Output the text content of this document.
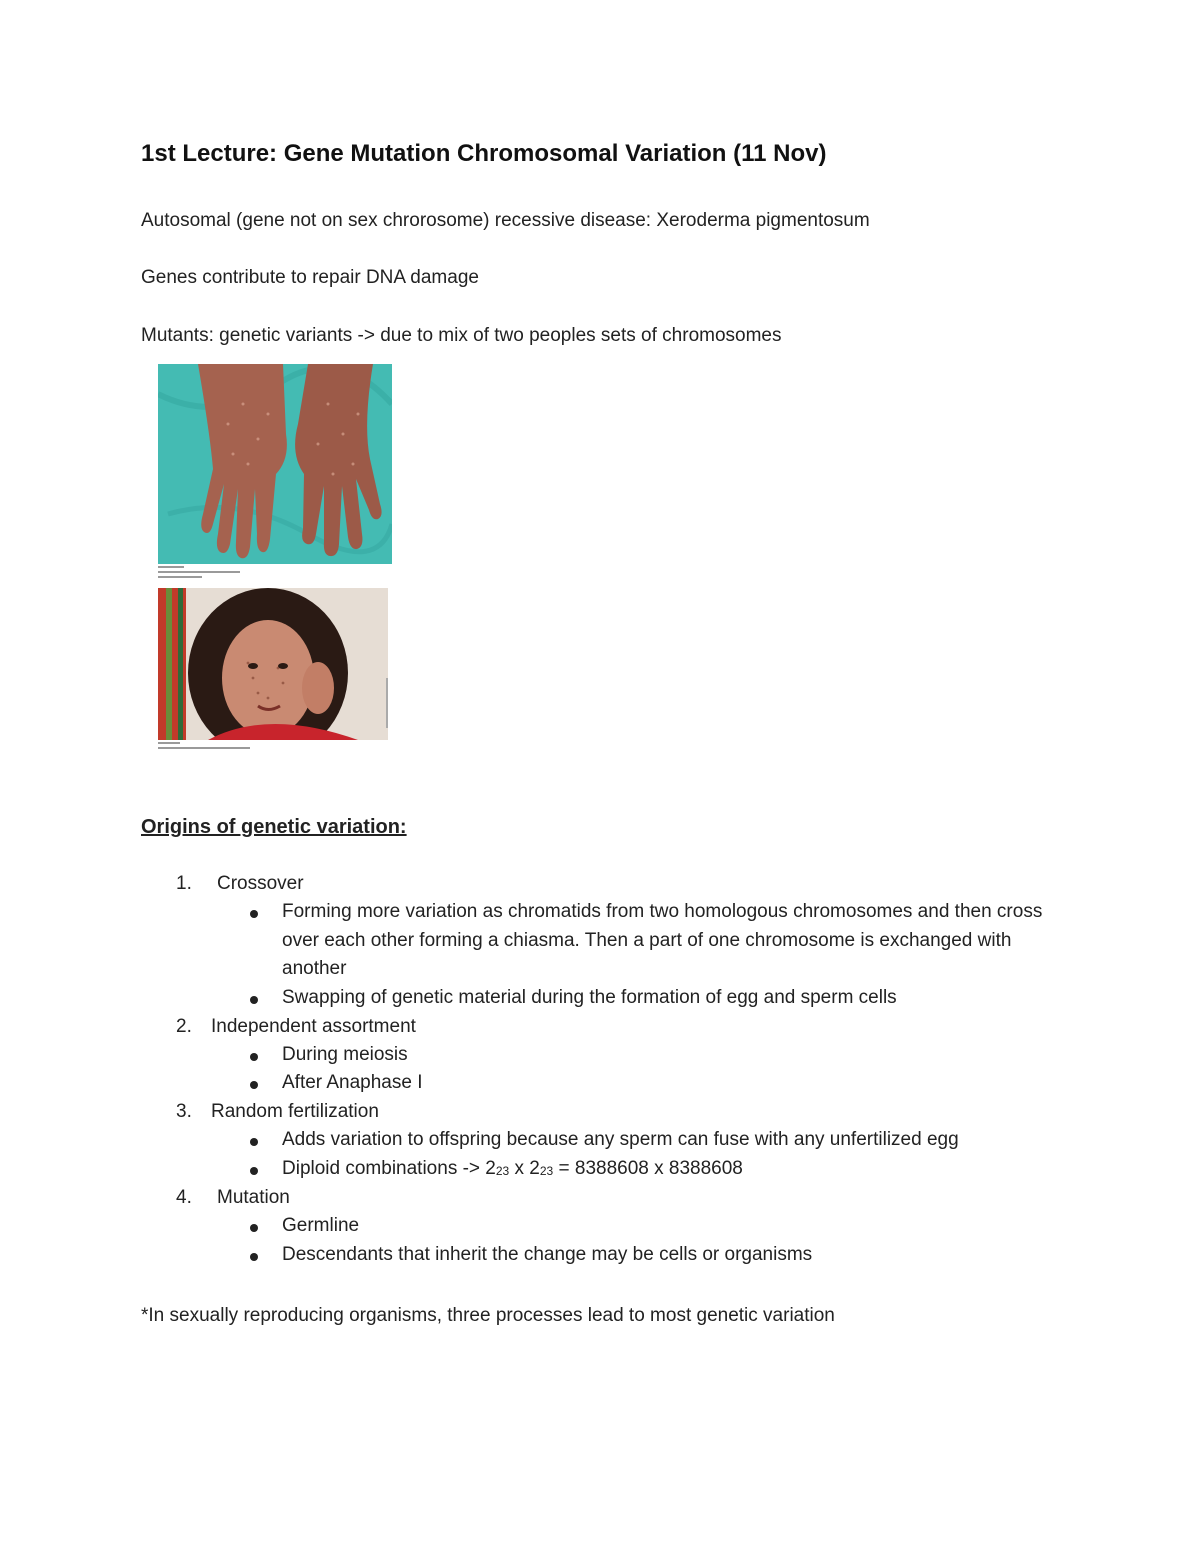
1st Lecture: Gene Mutation Chromosomal Variation (11 Nov)

Autosomal (gene not on sex chrorosome) recessive disease: Xeroderma pigmentosum

Genes contribute to repair DNA damage

Mutants: genetic variants -> due to mix of two peoples sets of chromosomes

Origins of genetic variation:
1. Crossover
Forming more variation as chromatids from two homologous chromosomes and then cross over each other forming a chiasma. Then a part of one chromosome is exchanged with another
Swapping of genetic material during the formation of egg and sperm cells
2. Independent assortment
During meiosis
After Anaphase I
3. Random fertilization
Adds variation to offspring because any sperm can fuse with any unfertilized egg
Diploid combinations -> $2_{23}$ x $2_{23} = 8388608$ x 8388608
4. Mutation
Germline
Descendants that inherit the change may be cells or organisms

*In sexually reproducing organisms, three processes lead to most genetic variation
